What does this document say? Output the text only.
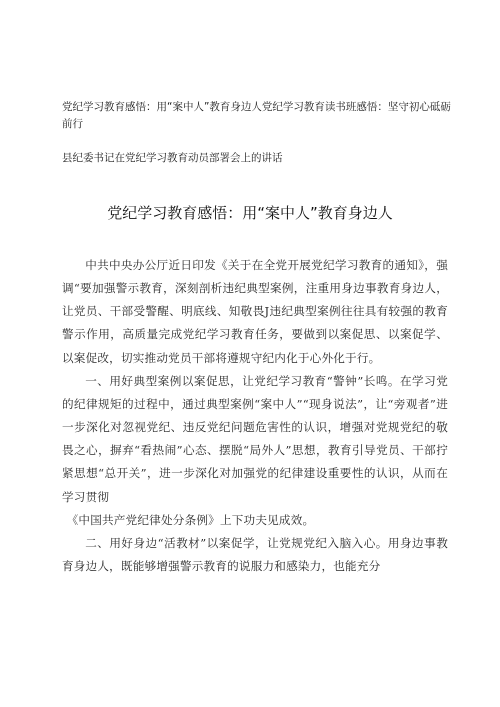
党纪学习教育感悟：用“案中人”教育身边人党纪学习教育读书班感悟：坚守初心砥砺前行
县纪委书记在党纪学习教育动员部署会上的讲话
党纪学习教育感悟：用“案中人”教育身边人

中共中央办公厅近日印发《关于在全党开展党纪学习教育的通知》，强调“要加强警示教育，深刻剖析违纪典型案例，注重用身边事教育身边人，让党员、干部受警醒、明底线、知敬畏J违纪典型案例往往具有较强的教育警示作用，高质量完成党纪学习教育任务，要做到以案促思、以案促学、以案促改，切实推动党员干部将遵规守纪内化于心外化于行。

一、用好典型案例以案促思，让党纪学习教育“警钟”长鸣。在学习党的纪律规矩的过程中，通过典型案例“案中人”“现身说法”，让“旁观者”进一步深化对忽视党纪、违反党纪问题危害性的认识，增强对党规党纪的敬畏之心，摒弃“看热闹”心态、摆脱“局外人”思想，教育引导党员、干部拧紧思想“总开关”，进一步深化对加强党的纪律建设重要性的认识，从而在学习贯彻

《中国共产党纪律处分条例》上下功夫见成效。

二、用好身边“活教材”以案促学，让党规党纪入脑入心。用身边事教育身边人，既能够增强警示教育的说服力和感染力，也能充分
